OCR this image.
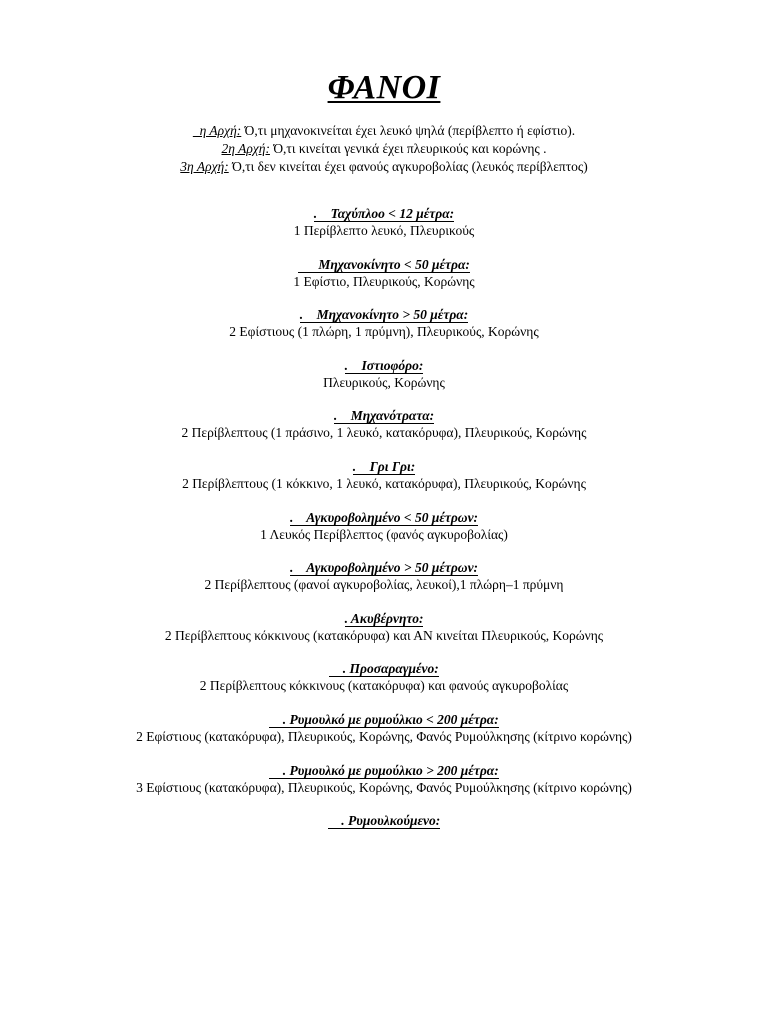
ΦΑΝΟΙ
η Αρχή: Ό,τι μηχανοκινείται έχει λευκό ψηλά (περίβλεπτο ή εφίστιο).
2η Αρχή: Ό,τι κινείται γενικά έχει πλευρικούς και κορώνης .
3η Αρχή: Ό,τι δεν κινείται έχει φανούς αγκυροβολίας (λευκός περίβλεπτος)
.    Ταχύπλοο < 12 μέτρα:
1 Περίβλεπτο λευκό, Πλευρικούς
Μηχανοκίνητο < 50 μέτρα:
1 Εφίστιο, Πλευρικούς, Κορώνης
.    Μηχανοκίνητο > 50 μέτρα:
2 Εφίστιους (1 πλώρη, 1 πρύμνη), Πλευρικούς, Κορώνης
.    Ιστιοφόρο:
Πλευρικούς, Κορώνης
.    Μηχανότρατα:
2 Περίβλεπτους (1 πράσινο, 1 λευκό, κατακόρυφα), Πλευρικούς, Κορώνης
.    Γρι Γρι:
2 Περίβλεπτους (1 κόκκινο, 1 λευκό, κατακόρυφα), Πλευρικούς, Κορώνης
.    Αγκυροβολημένο < 50 μέτρων:
1 Λευκός Περίβλεπτος (φανός αγκυροβολίας)
.    Αγκυροβολημένο > 50 μέτρων:
2 Περίβλεπτους (φανοί αγκυροβολίας, λευκοί),1 πλώρη–1 πρύμνη
. Ακυβέρνητο:
2 Περίβλεπτους κόκκινους (κατακόρυφα) και ΑΝ κινείται Πλευρικούς, Κορώνης
. Προσαραγμένο:
2 Περίβλεπτους κόκκινους (κατακόρυφα) και φανούς αγκυροβολίας
. Ρυμουλκό με ρυμούλκιο < 200 μέτρα:
2 Εφίστιους (κατακόρυφα), Πλευρικούς, Κορώνης, Φανός Ρυμούλκησης (κίτρινο κορώνης)
. Ρυμουλκό με ρυμούλκιο > 200 μέτρα:
3 Εφίστιους (κατακόρυφα), Πλευρικούς, Κορώνης, Φανός Ρυμούλκησης (κίτρινο κορώνης)
. Ρυμουλκούμενο:
